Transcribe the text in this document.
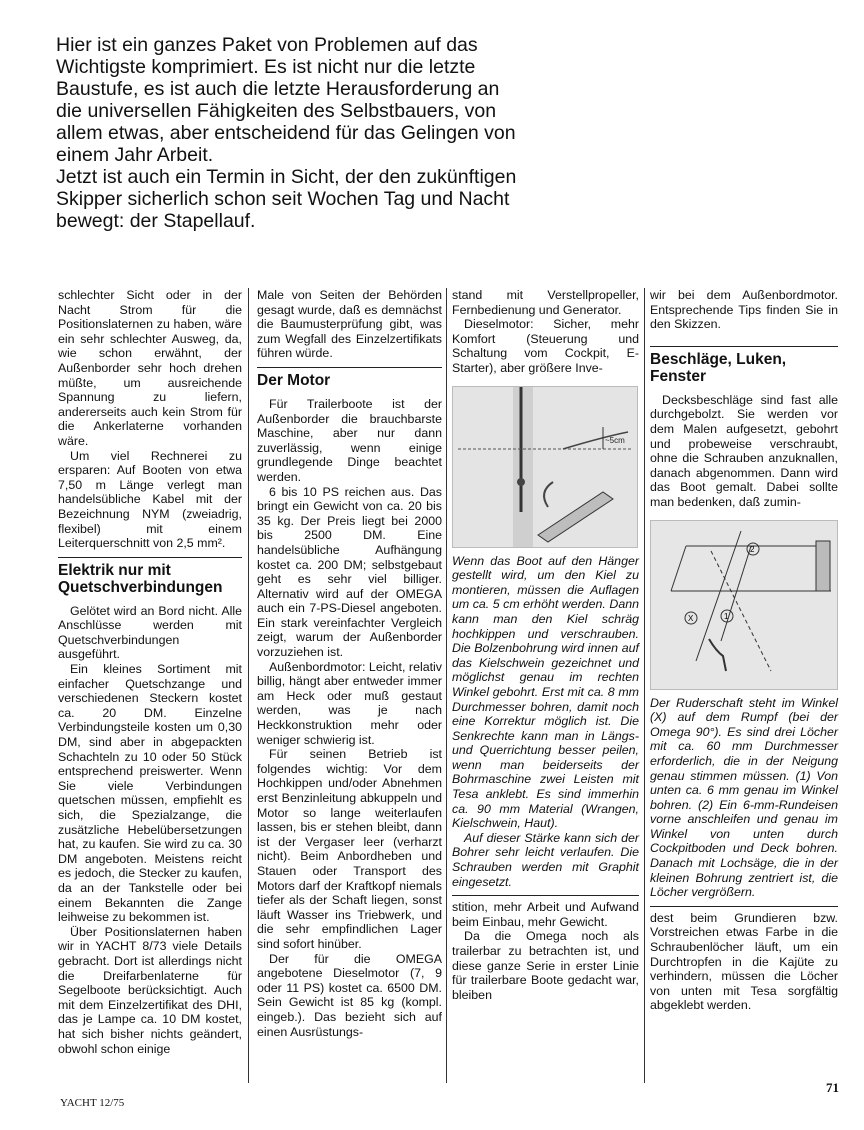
Hier ist ein ganzes Paket von Problemen auf das Wichtigste komprimiert. Es ist nicht nur die letzte Baustufe, es ist auch die letzte Herausforderung an die universellen Fähigkeiten des Selbstbauers, von allem etwas, aber entscheidend für das Gelingen von einem Jahr Arbeit.

Jetzt ist auch ein Termin in Sicht, der den zukünftigen Skipper sicherlich schon seit Wochen Tag und Nacht bewegt: der Stapellauf.

schlechter Sicht oder in der Nacht Strom für die Positionslaternen zu haben, wäre ein sehr schlechter Ausweg, da, wie schon erwähnt, der Außenborder sehr hoch drehen müßte, um ausreichende Spannung zu liefern, andererseits auch kein Strom für die Ankerlaterne vorhanden wäre.

Um viel Rechnerei zu ersparen: Auf Booten von etwa 7,50 m Länge verlegt man handelsübliche Kabel mit der Bezeichnung NYM (zweiadrig, flexibel) mit einem Leiterquerschnitt von 2,5 mm².

Elektrik nur mit Quetschverbindungen

Gelötet wird an Bord nicht. Alle Anschlüsse werden mit Quetschverbindungen ausgeführt.

Ein kleines Sortiment mit einfacher Quetschzange und verschiedenen Steckern kostet ca. 20 DM. Einzelne Verbindungsteile kosten um 0,30 DM, sind aber in abgepackten Schachteln zu 10 oder 50 Stück entsprechend preiswerter. Wenn Sie viele Verbindungen quetschen müssen, empfiehlt es sich, die Spezialzange, die zusätzliche Hebelübersetzungen hat, zu kaufen. Sie wird zu ca. 30 DM angeboten. Meistens reicht es jedoch, die Stecker zu kaufen, da an der Tankstelle oder bei einem Bekannten die Zange leihweise zu bekommen ist.

Über Positionslaternen haben wir in YACHT 8/73 viele Details gebracht. Dort ist allerdings nicht die Dreifarbenlaterne für Segelboote berücksichtigt. Auch mit dem Einzelzertifikat des DHI, das je Lampe ca. 10 DM kostet, hat sich bisher nichts geändert, obwohl schon einige

Male von Seiten der Behörden gesagt wurde, daß es demnächst die Baumusterprüfung gibt, was zum Wegfall des Einzelzertifikats führen würde.

Der Motor

Für Trailerboote ist der Außenborder die brauchbarste Maschine, aber nur dann zuverlässig, wenn einige grundlegende Dinge beachtet werden.

6 bis 10 PS reichen aus. Das bringt ein Gewicht von ca. 20 bis 35 kg. Der Preis liegt bei 2000 bis 2500 DM. Eine handelsübliche Aufhängung kostet ca. 200 DM; selbstgebaut geht es sehr viel billiger. Alternativ wird auf der OMEGA auch ein 7-PS-Diesel angeboten. Ein stark vereinfachter Vergleich zeigt, warum der Außenborder vorzuziehen ist.

Außenbordmotor: Leicht, relativ billig, hängt aber entweder immer am Heck oder muß gestaut werden, was je nach Heckkonstruktion mehr oder weniger schwierig ist.

Für seinen Betrieb ist folgendes wichtig: Vor dem Hochkippen und/oder Abnehmen erst Benzinleitung abkuppeln und Motor so lange weiterlaufen lassen, bis er stehen bleibt, dann ist der Vergaser leer (verharzt nicht). Beim Anbordheben und Stauen oder Transport des Motors darf der Kraftkopf niemals tiefer als der Schaft liegen, sonst läuft Wasser ins Triebwerk, und die sehr empfindlichen Lager sind sofort hinüber.

Der für die OMEGA angebotene Dieselmotor (7, 9 oder 11 PS) kostet ca. 6500 DM. Sein Gewicht ist 85 kg (kompl. eingeb.). Das bezieht sich auf einen Ausrüstungs-

stand mit Verstellpropeller, Fernbedienung und Generator.

Dieselmotor: Sicher, mehr Komfort (Steuerung und Schaltung vom Cockpit, E-Starter), aber größere Inve-

~5cm

Wenn das Boot auf den Hänger gestellt wird, um den Kiel zu montieren, müssen die Auflagen um ca. 5 cm erhöht werden. Dann kann man den Kiel schräg hochkippen und verschrauben. Die Bolzenbohrung wird innen auf das Kielschwein gezeichnet und möglichst genau im rechten Winkel gebohrt. Erst mit ca. 8 mm Durchmesser bohren, damit noch eine Korrektur möglich ist. Die Senkrechte kann man in Längs- und Querrichtung besser peilen, wenn man beiderseits der Bohrmaschine zwei Leisten mit Tesa anklebt. Es sind immerhin ca. 90 mm Material (Wrangen, Kielschwein, Haut).

Auf dieser Stärke kann sich der Bohrer sehr leicht verlaufen. Die Schrauben werden mit Graphit eingesetzt.

stition, mehr Arbeit und Aufwand beim Einbau, mehr Gewicht.

Da die Omega noch als trailerbar zu betrachten ist, und diese ganze Serie in erster Linie für trailerbare Boote gedacht war, bleiben

wir bei dem Außenbordmotor. Entsprechende Tips finden Sie in den Skizzen.

Beschläge, Luken, Fenster

Decksbeschläge sind fast alle durchgebolzt. Sie werden vor dem Malen aufgesetzt, gebohrt und probeweise verschraubt, ohne die Schrauben anzuknallen, danach abgenommen. Dann wird das Boot gemalt. Dabei sollte man bedenken, daß zumin-

2
X	1

Der Ruderschaft steht im Winkel (X) auf dem Rumpf (bei der Omega 90°). Es sind drei Löcher mit ca. 60 mm Durchmesser erforderlich, die in der Neigung genau stimmen müssen. (1) Von unten ca. 6 mm genau im Winkel bohren. (2) Ein 6-mm-Rundeisen vorne anschleifen und genau im Winkel von unten durch Cockpitboden und Deck bohren. Danach mit Lochsäge, die in der kleinen Bohrung zentriert ist, die Löcher vergrößern.

dest beim Grundieren bzw. Vorstreichen etwas Farbe in die Schraubenlöcher läuft, um ein Durchtropfen in die Kajüte zu verhindern, müssen die Löcher von unten mit Tesa sorgfältig abgeklebt werden.

YACHT 12/75
71
